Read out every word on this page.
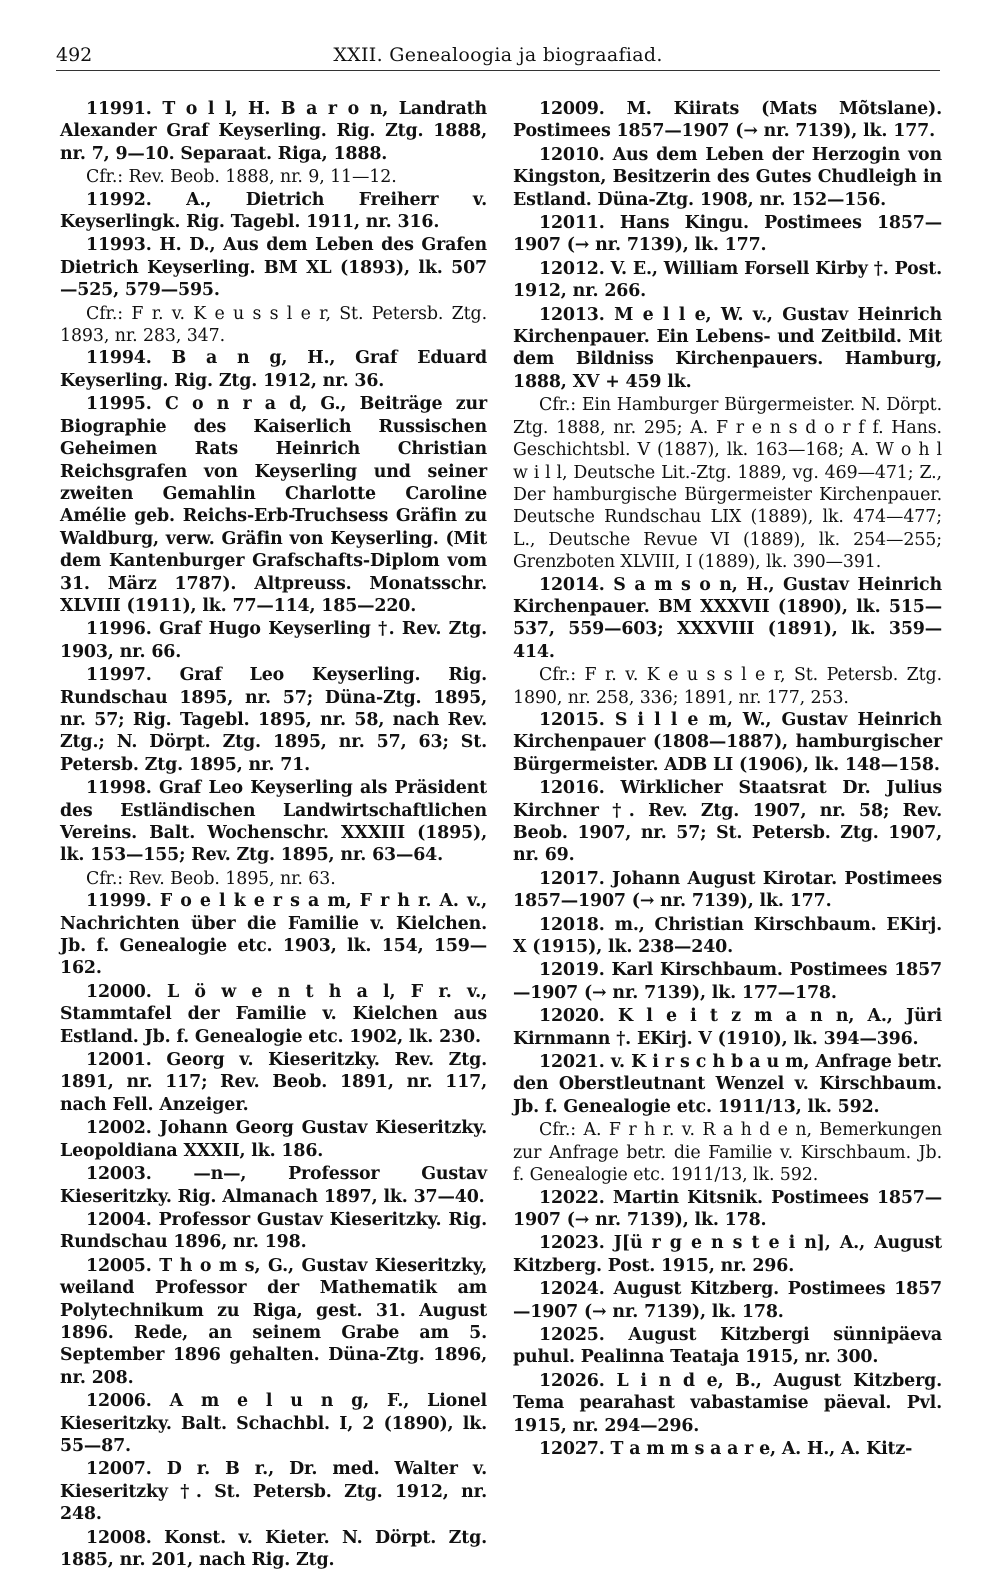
492	XXII. Genealoogia ja biograafiad.

11991. T o l l, H. B a r o n, Landrath Alexander Graf Keyserling. Rig. Ztg. 1888, nr. 7, 9—10. Separaat. Riga, 1888.

Cfr.: Rev. Beob. 1888, nr. 9, 11—12.

11992. A., Dietrich Freiherr v. Keyserlingk. Rig. Tagebl. 1911, nr. 316.

11993. H. D., Aus dem Leben des Grafen Dietrich Keyserling. BM XL (1893), lk. 507—525, 579—595.

Cfr.: F r. v. K e u s s l e r, St. Petersb. Ztg. 1893, nr. 283, 347.

11994. B a n g, H., Graf Eduard Keyserling. Rig. Ztg. 1912, nr. 36.

11995. C o n r a d, G., Beiträge zur Biographie des Kaiserlich Russischen Geheimen Rats Heinrich Christian Reichsgrafen von Keyserling und seiner zweiten Gemahlin Charlotte Caroline Amélie geb. Reichs-Erb-Truchsess Gräfin zu Waldburg, verw. Gräfin von Keyserling. (Mit dem Kantenburger Grafschafts-Diplom vom 31. März 1787). Altpreuss. Monatsschr. XLVIII (1911), lk. 77—114, 185—220.

11996. Graf Hugo Keyserling †. Rev. Ztg. 1903, nr. 66.

11997. Graf Leo Keyserling. Rig. Rundschau 1895, nr. 57; Düna-Ztg. 1895, nr. 57; Rig. Tagebl. 1895, nr. 58, nach Rev. Ztg.; N. Dörpt. Ztg. 1895, nr. 57, 63; St. Petersb. Ztg. 1895, nr. 71.

11998. Graf Leo Keyserling als Präsident des Estländischen Landwirtschaftlichen Vereins. Balt. Wochenschr. XXXIII (1895), lk. 153—155; Rev. Ztg. 1895, nr. 63—64.

Cfr.: Rev. Beob. 1895, nr. 63.

11999. F o e l k e r s a m, F r h r. A. v., Nachrichten über die Familie v. Kielchen. Jb. f. Genealogie etc. 1903, lk. 154, 159—162.

12000. L ö w e n t h a l, F r. v., Stammtafel der Familie v. Kielchen aus Estland. Jb. f. Genealogie etc. 1902, lk. 230.

12001. Georg v. Kieseritzky. Rev. Ztg. 1891, nr. 117; Rev. Beob. 1891, nr. 117, nach Fell. Anzeiger.

12002. Johann Georg Gustav Kieseritzky. Leopoldiana XXXII, lk. 186.

12003. —n—, Professor Gustav Kieseritzky. Rig. Almanach 1897, lk. 37—40.

12004. Professor Gustav Kieseritzky. Rig. Rundschau 1896, nr. 198.

12005. T h o m s, G., Gustav Kieseritzky, weiland Professor der Mathematik am Polytechnikum zu Riga, gest. 31. August 1896. Rede, an seinem Grabe am 5. September 1896 gehalten. Düna-Ztg. 1896, nr. 208.

12006. A m e l u n g, F., Lionel Kieseritzky. Balt. Schachbl. I, 2 (1890), lk. 55—87.

12007. D r. B r., Dr. med. Walter v. Kieseritzky †. St. Petersb. Ztg. 1912, nr. 248.

12008. Konst. v. Kieter. N. Dörpt. Ztg. 1885, nr. 201, nach Rig. Ztg.

12009. M. Kiirats (Mats Mõtslane). Postimees 1857—1907 (→ nr. 7139), lk. 177.

12010. Aus dem Leben der Herzogin von Kingston, Besitzerin des Gutes Chudleigh in Estland. Düna-Ztg. 1908, nr. 152—156.

12011. Hans Kingu. Postimees 1857—1907 (→ nr. 7139), lk. 177.

12012. V. E., William Forsell Kirby †. Post. 1912, nr. 266.

12013. M e l l e, W. v., Gustav Heinrich Kirchenpauer. Ein Lebens- und Zeitbild. Mit dem Bildniss Kirchenpauers. Hamburg, 1888, XV + 459 lk.

Cfr.: Ein Hamburger Bürgermeister. N. Dörpt. Ztg. 1888, nr. 295; A. F r e n s d o r f f. Hans. Geschichtsbl. V (1887), lk. 163—168; A. W o h l w i l l, Deutsche Lit.-Ztg. 1889, vg. 469—471; Z., Der hamburgische Bürgermeister Kirchenpauer. Deutsche Rundschau LIX (1889), lk. 474—477; L., Deutsche Revue VI (1889), lk. 254—255; Grenzboten XLVIII, I (1889), lk. 390—391.

12014. S a m s o n, H., Gustav Heinrich Kirchenpauer. BM XXXVII (1890), lk. 515—537, 559—603; XXXVIII (1891), lk. 359—414.

Cfr.: F r. v. K e u s s l e r, St. Petersb. Ztg. 1890, nr. 258, 336; 1891, nr. 177, 253.

12015. S i l l e m, W., Gustav Heinrich Kirchenpauer (1808—1887), hamburgischer Bürgermeister. ADB LI (1906), lk. 148—158.

12016. Wirklicher Staatsrat Dr. Julius Kirchner †. Rev. Ztg. 1907, nr. 58; Rev. Beob. 1907, nr. 57; St. Petersb. Ztg. 1907, nr. 69.

12017. Johann August Kirotar. Postimees 1857—1907 (→ nr. 7139), lk. 177.

12018. m., Christian Kirschbaum. EKirj. X (1915), lk. 238—240.

12019. Karl Kirschbaum. Postimees 1857—1907 (→ nr. 7139), lk. 177—178.

12020. K l e i t z m a n n, A., Jüri Kirnmann †. EKirj. V (1910), lk. 394—396.

12021. v. K i r s c h b a u m, Anfrage betr. den Oberstleutnant Wenzel v. Kirschbaum. Jb. f. Genealogie etc. 1911/13, lk. 592.

Cfr.: A. F r h r. v. R a h d e n, Bemerkungen zur Anfrage betr. die Familie v. Kirschbaum. Jb. f. Genealogie etc. 1911/13, lk. 592.

12022. Martin Kitsnik. Postimees 1857—1907 (→ nr. 7139), lk. 178.

12023. J[ü r g e n s t e i n], A., August Kitzberg. Post. 1915, nr. 296.

12024. August Kitzberg. Postimees 1857—1907 (→ nr. 7139), lk. 178.

12025. August Kitzbergi sünnipäeva puhul. Pealinna Teataja 1915, nr. 300.

12026. L i n d e, B., August Kitzberg. Tema pearahast vabastamise päeval. Pvl. 1915, nr. 294—296.

12027. T a m m s a a r e, A. H., A. Kitz-
